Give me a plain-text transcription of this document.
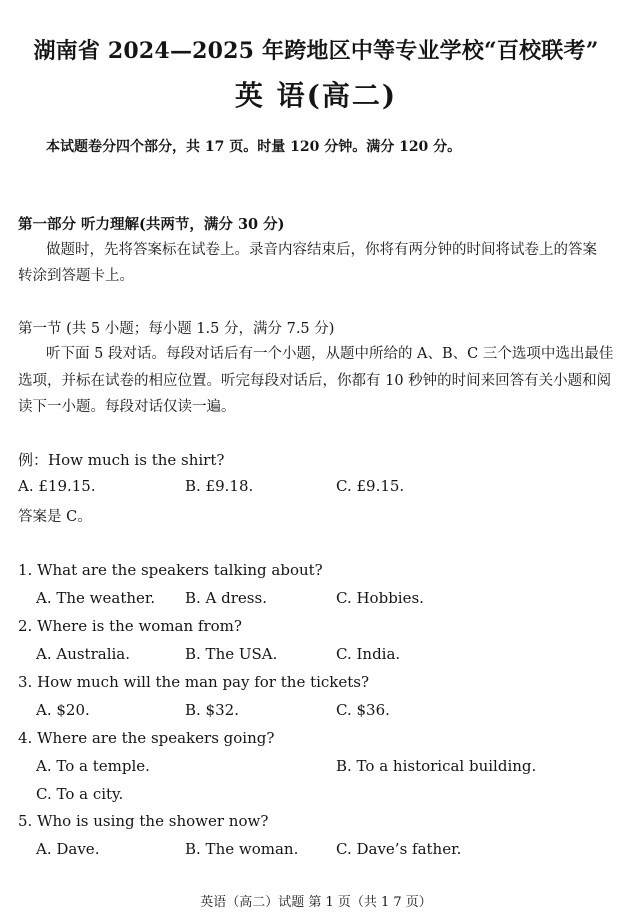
湖南省 2024—2025 年跨地区中等专业学校“百校联考”
英 语(高二)
本试题卷分四个部分，共 17 页。时量 120 分钟。满分 120 分。
第一部分 听力理解(共两节，满分 30 分)
做题时，先将答案标在试卷上。录音内容结束后，你将有两分钟的时间将试卷上的答案
转涂到答题卡上。
第一节 (共 5 小题；每小题 1.5 分，满分 7.5 分)
听下面 5 段对话。每段对话后有一个小题，从题中所给的 A、B、C 三个选项中选出最佳
选项，并标在试卷的相应位置。听完每段对话后，你都有 10 秒钟的时间来回答有关小题和阅
读下一小题。每段对话仅读一遍。
例：How much is the shirt?
A. £19.15.	B. £9.18.	C. £9.15.
答案是 C。
1. What are the speakers talking about?
A. The weather. B. A dress.	C. Hobbies.
2. Where is the woman from?
A. Australia.	B. The USA.	C. India.
3. How much will the man pay for the tickets?
A. $20.	B. $32.	C. $36.
4. Where are the speakers going?
A. To a temple.	B. To a historical building.
C. To a city.
5. Who is using the shower now?
A. Dave.	B. The woman.	C. Dave’s father.
英语（高二）试题 第 1 页（共 1 7 页）
